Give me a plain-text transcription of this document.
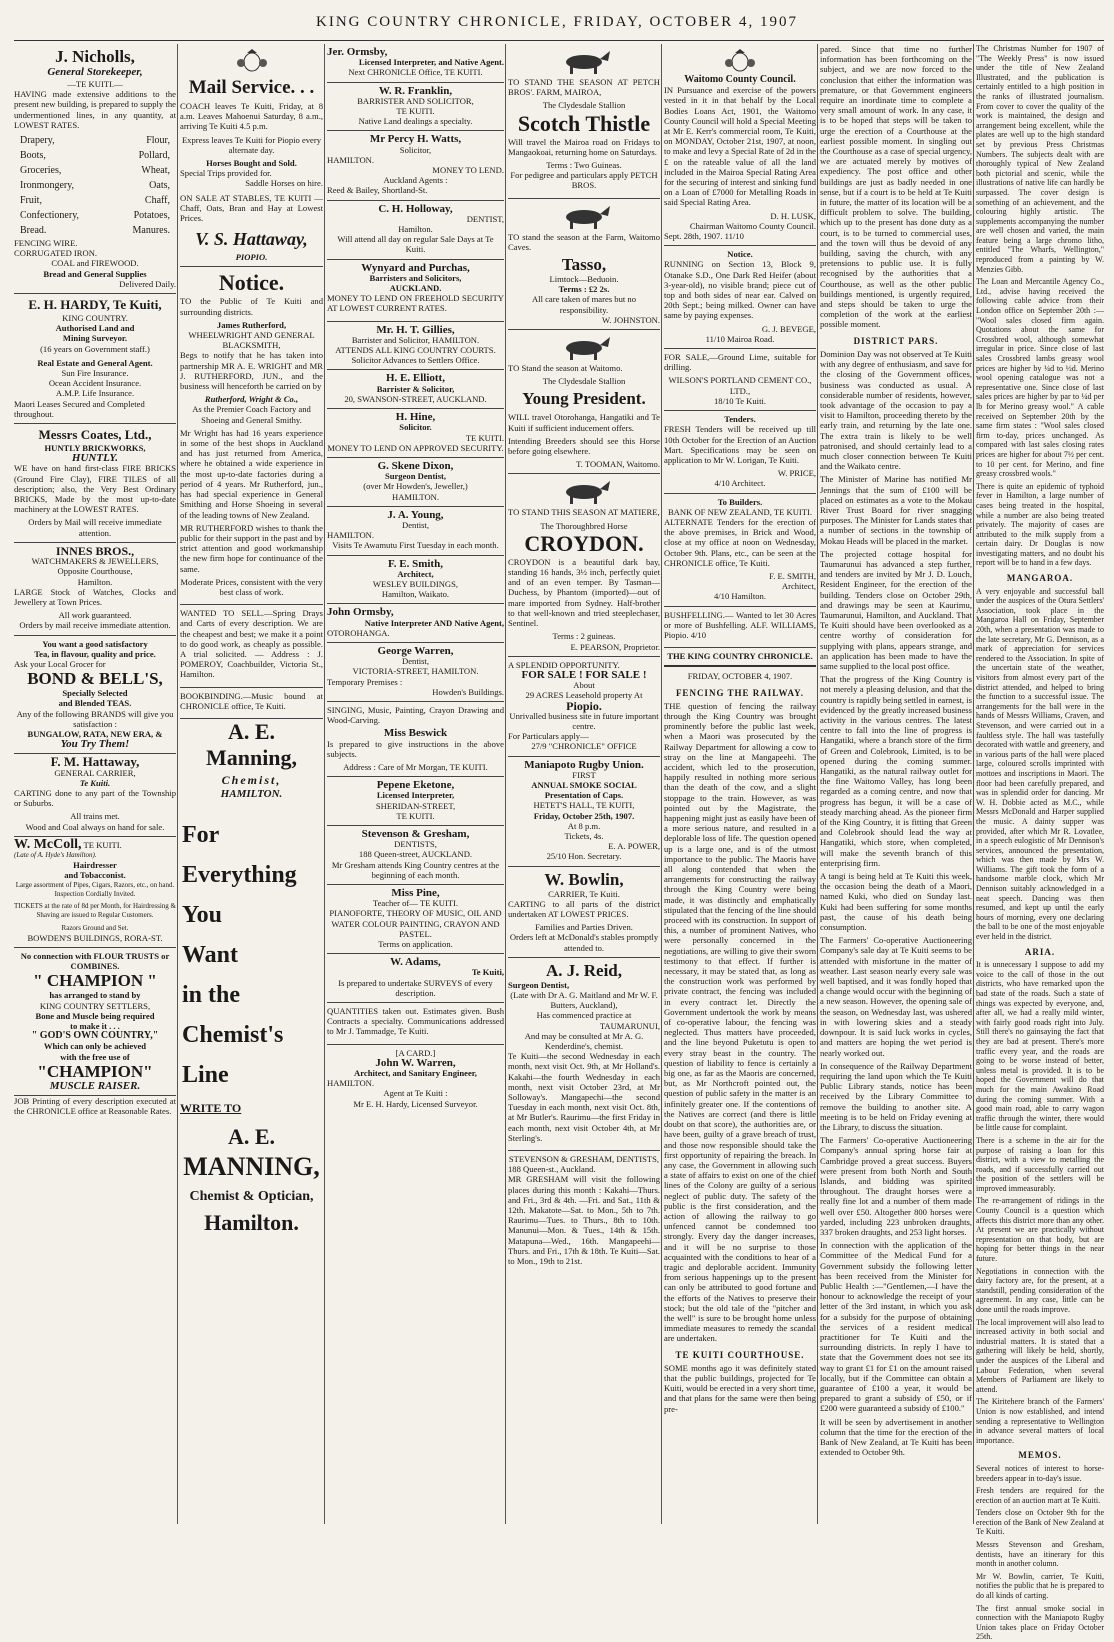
KING COUNTRY CHRONICLE, FRIDAY, OCTOBER 4, 1907
J. Nicholls,
General Storekeeper,
—TE KUITI.—

HAVING made extensive additions to the present new building, is prepared to supply the undermentioned lines, in any quantity, at LOWEST RATES.

Drapery,	Flour,
Boots,	Pollard,
Groceries,	Wheat,
Ironmongery,	Oats,
Fruit,	Chaff,
Confectionery,	Potatoes,
Bread.	Manures.
FENCING WIRE.
CORRUGATED IRON.
COAL and FIREWOOD.
Bread and General Supplies
Delivered Daily.
E. H. HARDY, Te Kuiti,
KING COUNTRY.
Authorised Land and
Mining Surveyor.
(16 years on Government staff.)
Real Estate and General Agent.
Sun Fire Insurance.
Ocean Accident Insurance.
A.M.P. Life Insurance.
Maori Leases Secured and Completed throughout.
Messrs Coates, Ltd.,
HUNTLY BRICKWORKS,
HUNTLY.

WE have on hand first-class FIRE BRICKS (Ground Fire Clay), FIRE TILES of all description; also, the Very Best Ordinary BRICKS, Made by the most up-to-date machinery at the LOWEST RATES.

Orders by Mail will receive immediate attention.
INNES BROS.,
WATCHMAKERS & JEWELLERS,
Opposite Courthouse,
Hamilton.

LARGE Stock of Watches, Clocks and Jewellery at Town Prices.

All work guaranteed.
Orders by mail receive immediate attention.
You want a good satisfactory
Tea, in flavour, quality and price.
Ask your Local Grocer for
BOND & BELL'S,
Specially Selected
and Blended TEAS.
Any of the following BRANDS will give you satisfaction :
BUNGALOW, RATA, NEW ERA, &
You Try Them!
F. M. Hattaway,
GENERAL CARRIER,
Te Kuiti.

CARTING done to any part of the Township or Suburbs.

All trains met.
Wood and Coal always on hand for sale.
W. McColl, TE KUITI.
(Late of A. Hyde's Hamilton).
Hairdresser
and Tobacconist.

Large assortment of Pipes, Cigars, Razors, etc., on hand. Inspection Cordially Invited.

TICKETS at the rate of 8d per Month, for Hairdressing & Shaving are issued to Regular Customers.

Razors Ground and Set.
BOWDEN'S BUILDINGS, RORA-ST.
No connection with FLOUR TRUSTS or COMBINES.
" CHAMPION "
has arranged to stand by
KING COUNTRY SETTLERS,
Bone and Muscle being required
to make it . . .
" GOD'S OWN COUNTRY,"
Which can only be achieved
with the free use of
"CHAMPION"
MUSCLE RAISER.

JOB Printing of every description executed at the CHRONICLE office at Reasonable Rates.

Mail Service. . .

COACH leaves Te Kuiti, Friday, at 8 a.m. Leaves Mahoenui Saturday, 8 a.m., arriving Te Kuiti 4.5 p.m.

Express leaves Te Kuiti for Piopio every alternate day.

Horses Bought and Sold.
Special Trips provided for.
Saddle Horses on hire.

ON SALE AT STABLES, TE KUITI — Chaff, Oats, Bran and Hay at Lowest Prices.

V. S. Hattaway,
PIOPIO.
Notice.

TO the Public of Te Kuiti and surrounding districts.

James Rutherford,
WHEELWRIGHT AND GENERAL BLACKSMITH,

Begs to notify that he has taken into partnership MR A. E. WRIGHT and MR J. RUTHERFORD, JUN., and the business will henceforth be carried on by

Rutherford, Wright & Co.,

As the Premier Coach Factory and Shoeing and General Smithy.

Mr Wright has had 16 years experience in some of the best shops in Auckland and has just returned from America, where he obtained a wide experience in the most up-to-date factories during a period of 4 years. Mr Rutherford, jun., has had special experience in General Smithing and Horse Shoeing in several of the leading towns of New Zealand.

MR RUTHERFORD wishes to thank the public for their support in the past and by strict attention and good workmanship the new firm hope for continuance of the same.

Moderate Prices, consistent with the very best class of work.

WANTED TO SELL.—Spring Drays and Carts of every description. We are the cheapest and best; we make it a point to do good work, as cheaply as possible. A trial solicited. — Address : J. POMEROY, Coachbuilder, Victoria St., Hamilton.

BOOKBINDING.—Music bound at CHRONICLE office, Te Kuiti.

A. E. Manning,
Chemist,
HAMILTON.
For
Everything
You
Want
in the
Chemist's
Line
WRITE TO
A. E.
MANNING,
Chemist & Optician,
Hamilton.
Jer. Ormsby,
Licensed Interpreter, and Native Agent.
Next CHRONICLE Office, TE KUITI.
W. R. Franklin,
BARRISTER AND SOLICITOR,
TE KUITI.
Native Land dealings a specialty.
Mr Percy H. Watts,
Solicitor,
HAMILTON.
MONEY TO LEND.
Auckland Agents :
Reed & Bailey, Shortland-St.
C. H. Holloway,
DENTIST,
Hamilton.
Will attend all day on regular Sale Days at Te Kuiti.
Wynyard and Purchas,
Barristers and Solicitors,
AUCKLAND.

MONEY TO LEND ON FREEHOLD SECURITY AT LOWEST CURRENT RATES.

Mr. H. T. Gillies,
Barrister and Solicitor, HAMILTON.
ATTENDS ALL KING COUNTRY COURTS.
Solicitor Advances to Settlers Office.
H. E. Elliott,
Barrister & Solicitor,
20, SWANSON-STREET, AUCKLAND.
H. Hine,
Solicitor.
TE KUITI.
MONEY TO LEND ON APPROVED SECURITY.
G. Skene Dixon,
Surgeon Dentist,
(over Mr Howden's, Jeweller,)
HAMILTON.
J. A. Young,
Dentist,
HAMILTON.
Visits Te Awamutu First Tuesday in each month.
F. E. Smith,
Architect,
WESLEY BUILDINGS,
Hamilton, Waikato.
John Ormsby,
Native Interpreter AND Native Agent,
OTOROHANGA.
George Warren,
Dentist,
VICTORIA-STREET, HAMILTON.
Temporary Premises :
Howden's Buildings.

SINGING, Music, Painting, Crayon Drawing and Wood-Carving.

Miss Beswick

Is prepared to give instructions in the above subjects.

Address : Care of Mr Morgan, TE KUITI.
Pepene Eketone,
Licensed Interpreter,
SHERIDAN-STREET,
TE KUITI.
Stevenson & Gresham,
DENTISTS,
188 Queen-street, AUCKLAND.
Mr Gresham attends King Country centres at the beginning of each month.
Miss Pine,
Teacher of— TE KUITI.
PIANOFORTE, THEORY OF MUSIC, OIL AND WATER COLOUR PAINTING, CRAYON AND PASTEL.
Terms on application.
W. Adams,
Te Kuiti,
Is prepared to undertake SURVEYS of every description.

QUANTITIES taken out. Estimates given. Bush Contracts a specialty. Communications addressed to Mr J. Tammadge, Te Kuiti.

[A CARD.]
John W. Warren,
Architect, and Sanitary Engineer,
HAMILTON.
Agent at Te Kuiti :
Mr E. H. Hardy, Licensed Surveyor.

TO STAND THE SEASON AT PETCH BROS'. FARM, MAIROA,

The Clydesdale Stallion
Scotch Thistle

Will travel the Mairoa road on Fridays to Mangaokoai, returning home on Saturdays.

Terms : Two Guineas.

For pedigree and particulars apply PETCH BROS.

TO stand the season at the Farm, Waitomo Caves.

Tasso,
Limtock—Beduoin.
Terms : £2 2s.
All care taken of mares but no responsibility.
W. JOHNSTON.

TO Stand the season at Waitomo.

The Clydesdale Stallion
Young President.

WILL travel Otorohanga, Hangatiki and Te Kuiti if sufficient inducement offers.

Intending Breeders should see this Horse before going elsewhere.

T. TOOMAN, Waitomo.

TO STAND THIS SEASON AT MATIERE,

The Thoroughbred Horse
CROYDON.

CROYDON is a beautiful dark bay, standing 16 hands, 3½ inch, perfectly quiet and of an even temper. By Tasman—Duchess, by Phantom (imported)—out of mare imported from Sydney. Half-brother to that well-known and tried steeplechaser, Sentinel.

Terms : 2 guineas.
E. PEARSON, Proprietor.
A SPLENDID OPPORTUNITY.
FOR SALE ! FOR SALE !
About
29 ACRES Leasehold property At
Piopio.
Unrivalled business site in future important centre.
For Particulars apply—
27/9 "CHRONICLE" OFFICE
Maniapoto Rugby Union.
FIRST
ANNUAL SMOKE SOCIAL
Presentation of Caps.
HETET'S HALL, TE KUITI,
Friday, October 25th, 1907.
At 8 p.m.
Tickets, 4s.
E. A. POWER,
25/10 Hon. Secretary.
W. Bowlin,
CARRIER, Te Kuiti.

CARTING to all parts of the district undertaken AT LOWEST PRICES.

Families and Parties Driven.
Orders left at McDonald's stables promptly attended to.
A. J. Reid,
Surgeon Dentist,
(Late with Dr A. G. Maitland and Mr W. F. Butters, Auckland),
Has commenced practice at
TAUMARUNUI,
And may be consulted at Mr A. G. Kenderdine's, chemist.

Te Kuiti—the second Wednesday in each month, next visit Oct. 9th, at Mr Holland's. Kakahi—the fourth Wednesday in each month, next visit October 23rd, at Mr Solloway's. Mangapechi—the second Tuesday in each month, next visit Oct. 8th, at Mr Butler's. Raurimu—the first Friday in each month, next visit October 4th, at Mr Sterling's.

STEVENSON & GRESHAM, DENTISTS,
188 Queen-st., Auckland.

MR GRESHAM will visit the following places during this month : Kakahi—Thurs. and Fri., 3rd & 4th. —Fri. and Sat., 11th & 12th. Makatote—Sat. to Mon., 5th to 7th. Raurimu—Tues. to Thurs., 8th to 10th. Manunui—Mon. & Tues., 14th & 15th. Matapuna—Wed., 16th. Mangapeehi—Thurs. and Fri., 17th & 18th. Te Kuiti—Sat. to Mon., 19th to 21st.

Waitomo County Council.

IN Pursuance and exercise of the powers vested in it in that behalf by the Local Bodies Loans Act, 1901, the Waitomo County Council will hold a Special Meeting at Mr E. Kerr's commercial room, Te Kuiti, on MONDAY, October 21st, 1907, at noon, to make and levy a Special Rate of 2d in the £ on the rateable value of all the land included in the Mairoa Special Rating Area for the securing of interest and sinking fund on a Loan of £7000 for Metalling Roads in said Special Rating Area.

D. H. LUSK,
Chairman Waitomo County Council.
Sept. 28th, 1907. 11/10
Notice.

RUNNING on Section 13, Block 9, Otanake S.D., One Dark Red Heifer (about 3-year-old), no visible brand; piece cut of top and both sides of near ear. Calved on 20th Sept.; being milked. Owner can have same by paying expenses.

G. J. BEVEGE,
11/10 Mairoa Road.

FOR SALE,—Ground Lime, suitable for drilling.

WILSON'S PORTLAND CEMENT CO., LTD.,
18/10 Te Kuiti.
Tenders.

FRESH Tenders will be received up till 10th October for the Erection of an Auction Mart. Specifications may be seen on application to Mr W. Lorigan, Te Kuiti.

W. PRICE,
4/10 Architect.
To Builders.
BANK OF NEW ZEALAND, TE KUITI.

ALTERNATE Tenders for the erection of the above premises, in Brick and Wood, close at my office at noon on Wednesday, October 9th. Plans, etc., can be seen at the CHRONICLE office, Te Kuiti.

F. E. SMITH,
Architect,
4/10 Hamilton.

BUSHFELLING.— Wanted to let 30 Acres or more of Bushfelling. ALF. WILLIAMS, Piopio. 4/10

THE KING COUNTRY CHRONICLE.
FRIDAY, OCTOBER 4, 1907.
FENCING THE RAILWAY.

THE question of fencing the railway through the King Country was brought prominently before the public last week, when a Maori was prosecuted by the Railway Department for allowing a cow to stray on the line at Mangapeehi. The accident, which led to the prosecution, happily resulted in nothing more serious than the death of the cow, and a slight stoppage to the train. However, as was pointed out by the Magistrate, the happening might just as easily have been of a more serious nature, and resulted in a deplorable loss of life. The question opened up is a large one, and is of the utmost importance to the public. The Maoris have all along contended that when the arrangements for constructing the railway through the King Country were being made, it was distinctly and emphatically stipulated that the fencing of the line should proceed with its construction. In support of this, a number of prominent Natives, who were personally concerned in the negotiations, are willing to give their sworn testimony to that effect. If further is necessary, it may be stated that, as long as the construction work was performed by private contract, the fencing was included in every contract let. Directly the Government undertook the work by means of co-operative labour, the fencing was neglected. Thus matters have proceeded, and the line beyond Puketutu is open to every stray beast in the country. The question of liability to fence is certainly a big one, as far as the Maoris are concerned, but, as Mr Northcroft pointed out, the question of public safety in the matter is an infinitely greater one. If the contentions of the Natives are correct (and there is little doubt on that score), the authorities are, or have been, guilty of a grave breach of trust, and those now responsible should take the first opportunity of repairing the breach. In any case, the Government in allowing such a state of affairs to exist on one of the chief lines of the Colony are guilty of a serious neglect of public duty. The safety of the public is the first consideration, and the action of allowing the railway to go unfenced cannot be condemned too strongly. Every day the danger increases, and it will be no surprise to those acquainted with the conditions to hear of a tragic and deplorable accident. Immunity from serious happenings up to the present can only be attributed to good fortune and the efforts of the Natives to preserve their stock; but the old tale of the "pitcher and the well" is sure to be brought home unless immediate measures to remedy the scandal are undertaken.

TE KUITI COURTHOUSE.

SOME months ago it was definitely stated that the public buildings, projected for Te Kuiti, would be erected in a very short time, and that plans for the same were then being pre-

pared. Since that time no further information has been forthcoming on the subject, and we are now forced to the conclusion that either the information was premature, or that Government engineers require an inordinate time to complete a very small amount of work. In any case, it is to be hoped that steps will be taken to urge the erection of a Courthouse at the earliest possible moment. In singling out the Courthouse as a case of special urgency, we are actuated merely by motives of expediency. The post office and other buildings are just as badly needed in one sense, but if a court is to be held at Te Kuiti in future, the matter of its location will be a difficult problem to solve. The building, which up to the present has done duty as a court, is to be turned to commercial uses, and the town will thus be devoid of any building, saving the church, with any pretensions to public use. It is fully recognised by the authorities that a Courthouse, as well as the other public buildings mentioned, is urgently required, and steps should be taken to urge the completion of the work at the earliest possible moment.

DISTRICT PARS.

Dominion Day was not observed at Te Kuiti with any degree of enthusiasm, and save for the closing of the Government offices, business was conducted as usual. A considerable number of residents, however, took advantage of the occasion to pay a visit to Hamilton, proceeding thereto by the early train, and returning by the late one. The extra train is likely to be well patronised, and should certainly lead to a much closer connection between Te Kuiti and the Waikato centre.

The Minister of Marine has notified Mr Jennings that the sum of £100 will be placed on estimates as a vote to the Mokau River Trust Board for river snagging purposes. The Minister for Lands states that a number of sections in the township of Mokau Heads will be placed in the market.

The projected cottage hospital for Taumarunui has advanced a step further, and tenders are invited by Mr J. D. Louch, Resident Engineer, for the erection of the building. Tenders close on October 29th, and drawings may be seen at Kaurimu, Taumarunui, Hamilton, and Auckland. That Te Kuiti should have been overlooked as a centre worthy of consideration for supplying with plans, appears strange, and an application has been made to have the same supplied to the local post office.

That the progress of the King Country is not merely a pleasing delusion, and that the country is rapidly being settled in earnest, is evidenced by the greatly increased business activity in the various centres. The latest centre to fall into the line of progress is Hangatiki, where a branch store of the firm of Green and Colebrook, Limited, is to be opened during the coming summer. Hangatiki, as the natural railway outlet for the fine Waitomo Valley, has long been regarded as a coming centre, and now that progress has begun, it will be a case of steady marching ahead. As the pioneer firm of the King Country, it is fitting that Green and Colebrook should lead the way at Hangatiki, which store, when completed, will make the seventh branch of this enterprising firm.

A tangi is being held at Te Kuiti this week, the occasion being the death of a Maori, named Kuki, who died on Sunday last. Kuki had been suffering for some months past, the cause of his death being consumption.

The Farmers' Co-operative Auctioneering Company's sale day at Te Kuiti seems to be attended with misfortune in the matter of weather. Last season nearly every sale was well baptised, and it was fondly hoped that a change would occur with the beginning of a new season. However, the opening sale of the season, on Wednesday last, was ushered in with lowering skies and a steady downpour. It is said luck works in cycles, and matters are hoping the wet period is nearly worked out.

In consequence of the Railway Department requiring the land upon which the Te Kuiti Public Library stands, notice has been received by the Library Committee to remove the building to another site. A meeting is to be held on Friday evening at the Library, to discuss the situation.

The Farmers' Co-operative Auctioneering Company's annual spring horse fair at Cambridge proved a great success. Buyers were present from both North and South Islands, and bidding was spirited throughout. The draught horses were a really fine lot and a number of them made well over £50. Altogether 800 horses were yarded, including 223 unbroken draughts, 337 broken draughts, and 253 light horses.

In connection with the application of the Committee of the Medical Fund for a Government subsidy the following letter has been received from the Minister for Public Health :—"Gentlemen,—I have the honour to acknowledge the receipt of your letter of the 3rd instant, in which you ask for a subsidy for the purpose of obtaining the services of a resident medical practitioner for Te Kuiti and the surrounding districts. In reply I have to state that the Government does not see its way to grant £1 for £1 on the amount raised locally, but if the Committee can obtain a guarantee of £100 a year, it would be prepared to grant a subsidy of £50, or if £200 were guaranteed a subsidy of £100."

It will be seen by advertisement in another column that the time for the erection of the Bank of New Zealand, at Te Kuiti has been extended to October 9th.

The Christmas Number for 1907 of "The Weekly Press" is now issued under the title of New Zealand Illustrated, and the publication is certainly entitled to a high position in the ranks of illustrated journalism. From cover to cover the quality of the work is maintained, the design and arrangement being excellent, while the plates are well up to the high standard set by previous Press Christmas Numbers. The subjects dealt with are thoroughly typical of New Zealand both pictorial and scenic, while the illustrations of native life can hardly be surpassed. The cover design is something of an achievement, and the colouring highly artistic. The supplements accompanying the number are well chosen and varied, the main feature being a large chromo litho, entitled "The Wharfs, Wellington," reproduced from a painting by W. Menzies Gibb.

The Loan and Mercantile Agency Co., Ltd., advise having received the following cable advice from their London office on September 20th :— "Wool sales closed firm again. Quotations about the same for Crossbred wool, although somewhat irregular in price. Since close of last sales Crossbred lambs greasy wool prices are higher by ¼d to ½d. Merino wool opening catalogue was not a representative one. Since close of last sales prices are higher by par to ¼d per lb for Merino greasy wool." A cable received on September 20th by the same firm states : "Wool sales closed firm to-day, prices unchanged. As compared with last sales closing rates prices are higher for about 7½ per cent. to 10 per cent. for Merino, and fine greasy crossbred wools."

There is quite an epidemic of typhoid fever in Hamilton, a large number of cases being treated in the hospital, while a number are also being treated privately. The majority of cases are attributed to the milk supply from a certain dairy. Dr Douglas is now investigating matters, and no doubt his report will be to hand in a few days.

MANGAROA.

A very enjoyable and successful ball under the auspices of the Otura Settlers' Association, took place in the Mangaroa Hall on Friday, September 20th, when a presentation was made to the late secretary, Mr G. Dennison, as a mark of appreciation for services rendered to the Association. In spite of the uncertain state of the weather, visitors from almost every part of the district attended, and helped to bring the function to a successful issue. The arrangements for the ball were in the hands of Messrs Williams, Craven, and Stevenson, and were carried out in a faultless style. The hall was tastefully decorated with wattle and greenery, and in various parts of the hall were placed large, coloured scrolls imprinted with mottoes and inscriptions in Maori. The floor had been carefully prepared, and was in splendid order for dancing. Mr W. H. Dobbie acted as M.C., while Messrs McDonald and Harper supplied the music. A dainty supper was provided, after which Mr R. Lovatlee, in a speech eulogistic of Mr Dennison's services, announced the presentation, which was then made by Mrs W. Williams. The gift took the form of a handsome marble clock, which Mr Dennison suitably acknowledged in a neat speech. Dancing was then resumed, and kept up until the early hours of morning, every one declaring the ball to be one of the most enjoyable ever held in the district.

ARIA.

It is unnecessary I suppose to add my voice to the call of those in the out districts, who have remarked upon the bad state of the roads. Such a state of things was expected by everyone, and, after all, we had a really mild winter, with fairly good roads right into July. Still there's no gainsaying the fact that they are bad at present. There's more traffic every year, and the roads are going to be worse instead of better, unless metal is provided. It is to be hoped the Government will do that much for the main Awakino Road during the coming summer. With a good main road, able to carry wagon traffic through the winter, there would be little cause for complaint.

There is a scheme in the air for the purpose of raising a loan for this district, with a view to metalling the roads, and if successfully carried out the position of the settlers will be improved immeasurably.

The re-arrangement of ridings in the County Council is a question which affects this district more than any other. At present we are practically without representation on that body, but are hoping for better things in the near future.

Negotiations in connection with the dairy factory are, for the present, at a standstill, pending consideration of the agreement. In any case, little can be done until the roads improve.

The local improvement will also lead to increased activity in both social and industrial matters. It is stated that a gathering will likely be held, shortly, under the auspices of the Liberal and Labour Federation, when several Members of Parliament are likely to attend.

The Kiritehere branch of the Farmers' Union is now established, and intend sending a representative to Wellington in advance several matters of local importance.

MEMOS.

Several notices of interest to horse-breeders appear in to-day's issue.

Fresh tenders are required for the erection of an auction mart at Te Kuiti.

Tenders close on October 9th for the erection of the Bank of New Zealand at Te Kuiti.

Messrs Stevenson and Gresham, dentists, have an itinerary for this month in another column.

Mr W. Bowlin, carrier, Te Kuiti, notifies the public that he is prepared to do all kinds of carting.

The first annual smoke social in connection with the Maniapoto Rugby Union takes place on Friday October 25th.
